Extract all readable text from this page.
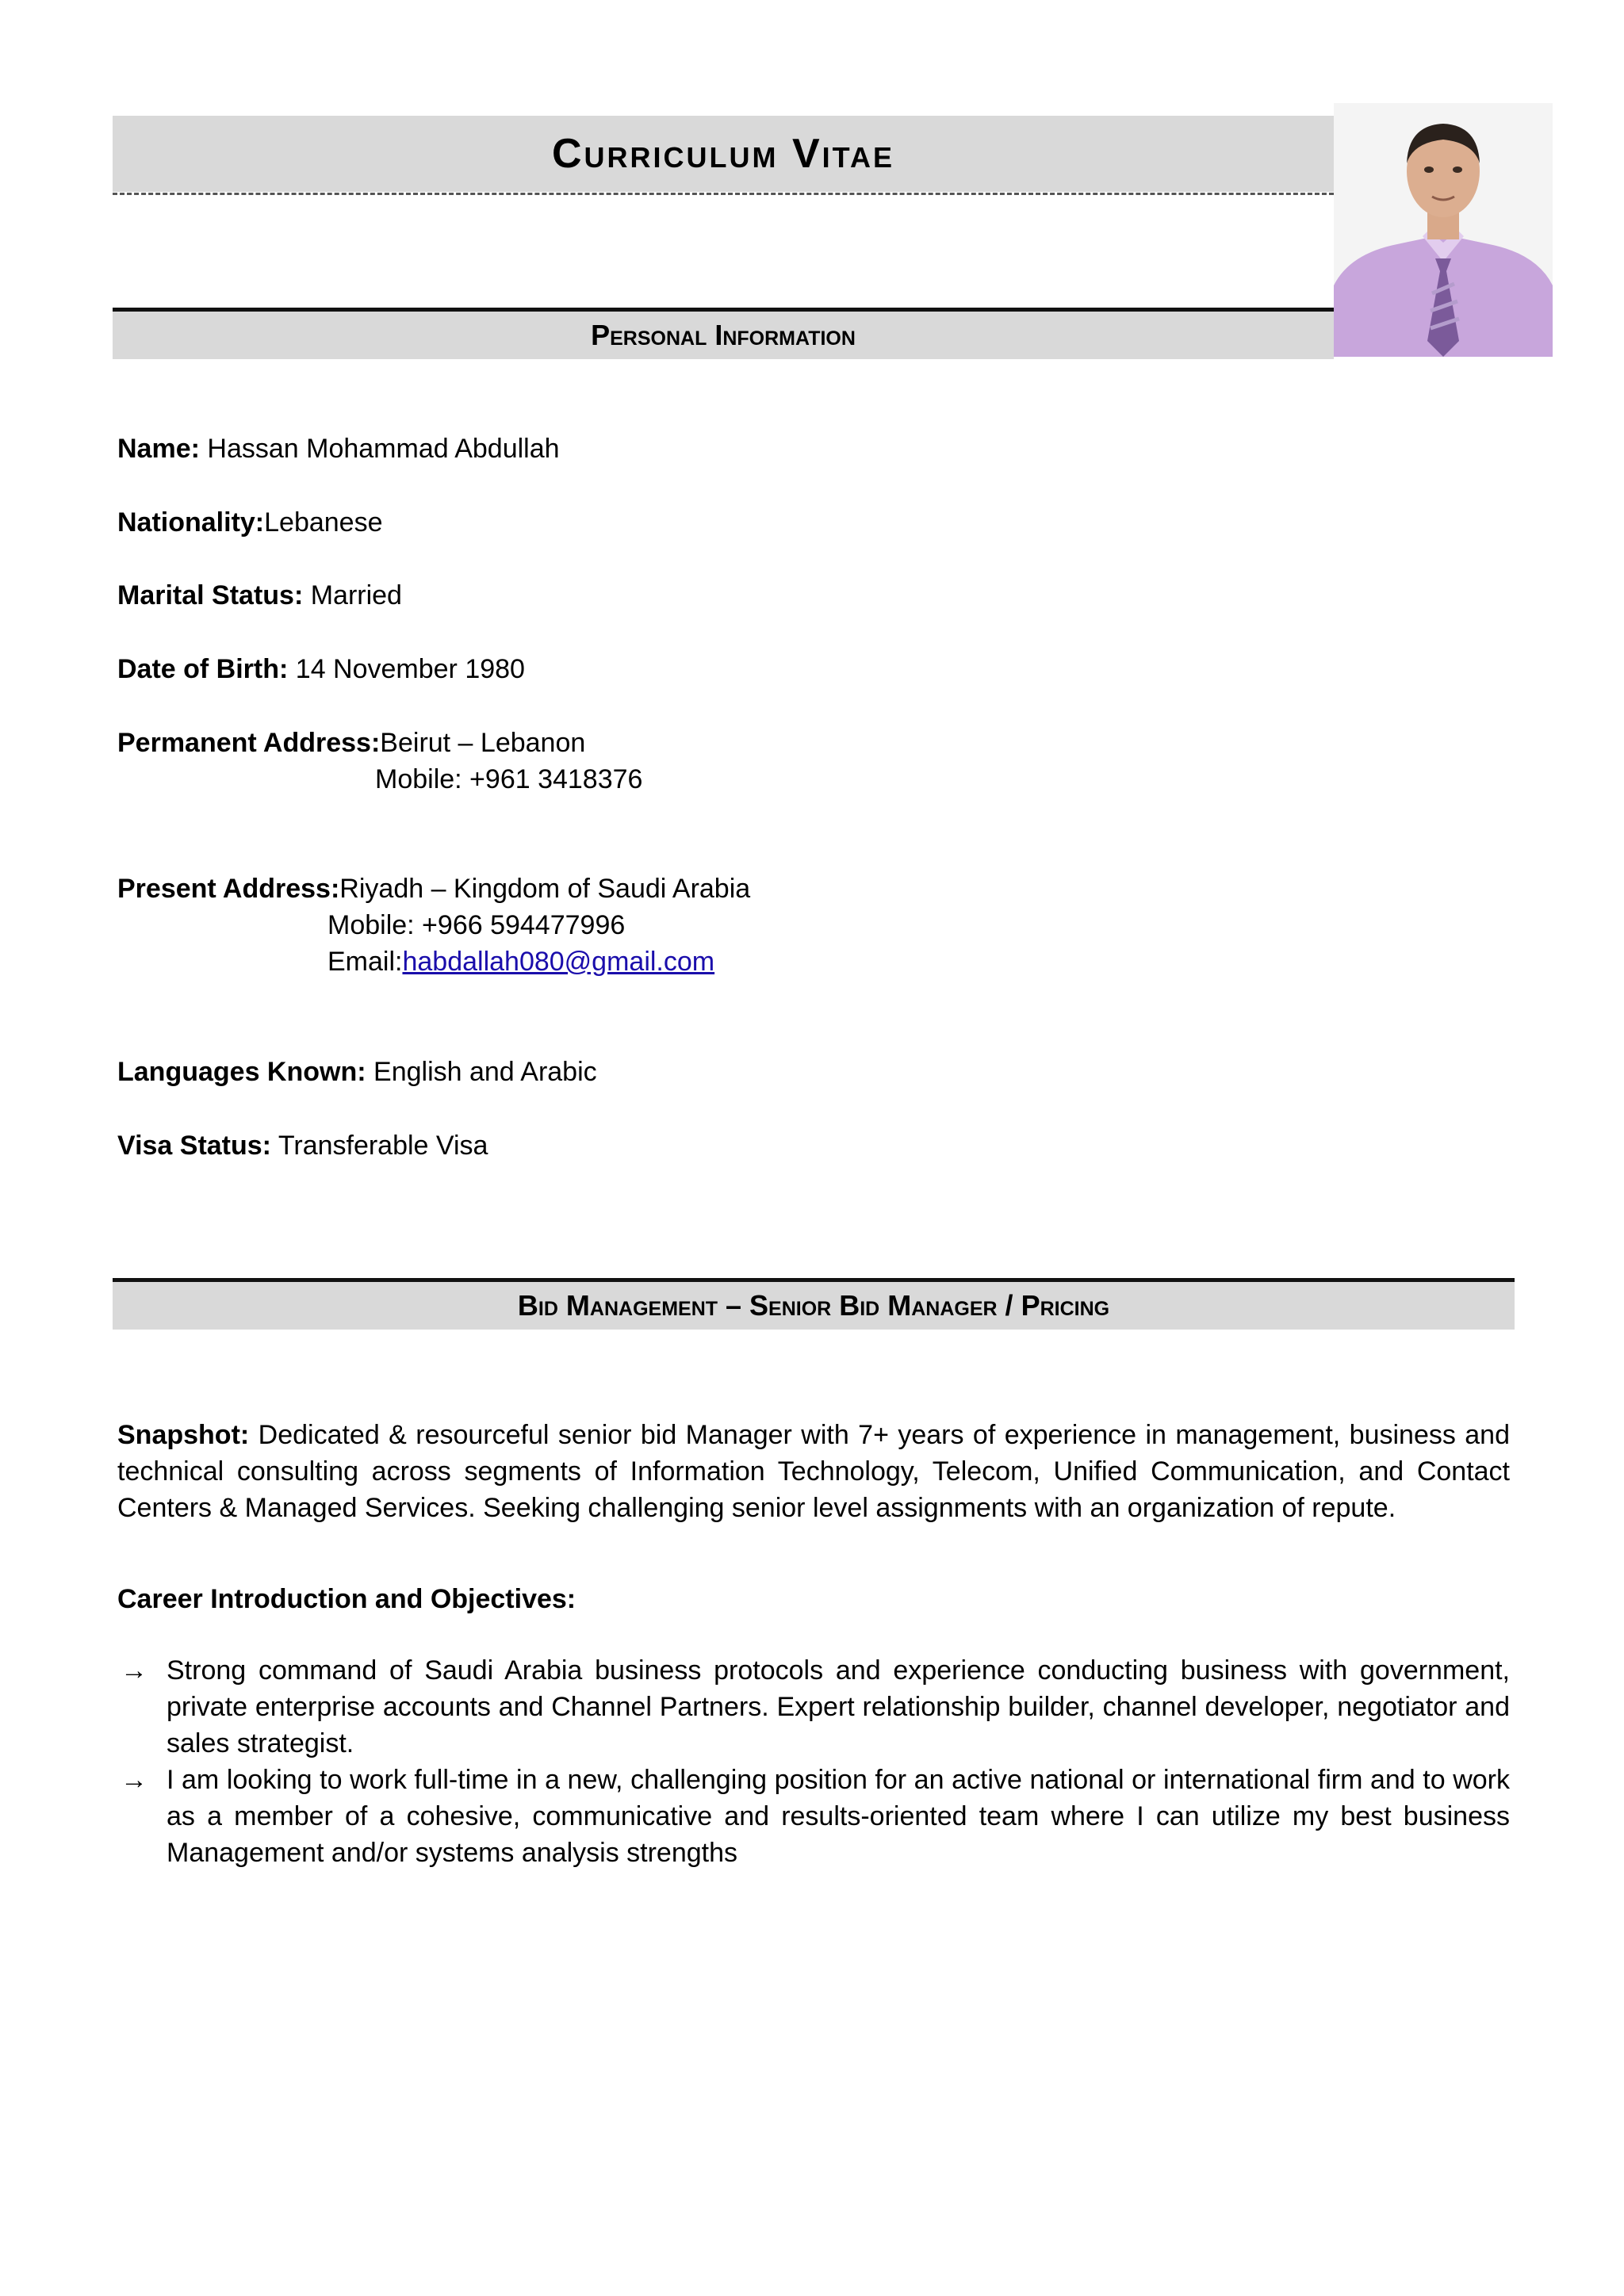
Curriculum Vitae
Personal Information
Name: Hassan Mohammad Abdullah
Nationality:Lebanese
Marital Status: Married
Date of Birth: 14 November 1980
Permanent Address:Beirut – Lebanon
Mobile: +961 3418376
Present Address:Riyadh – Kingdom of Saudi Arabia
Mobile: +966 594477996
Email:habdallah080@gmail.com
Languages Known: English and Arabic
Visa Status: Transferable Visa
Bid Management – Senior Bid Manager / Pricing
Snapshot: Dedicated & resourceful senior bid Manager with 7+ years of experience in management, business and technical consulting across segments of Information Technology, Telecom, Unified Communication, and Contact Centers & Managed Services. Seeking challenging senior level assignments with an organization of repute.
Career Introduction and Objectives:
→ Strong command of Saudi Arabia business protocols and experience conducting business with government, private enterprise accounts and Channel Partners. Expert relationship builder, channel developer, negotiator and sales strategist.
→ I am looking to work full-time in a new, challenging position for an active national or international firm and to work as a member of a cohesive, communicative and results-oriented team where I can utilize my best business Management and/or systems analysis strengths
